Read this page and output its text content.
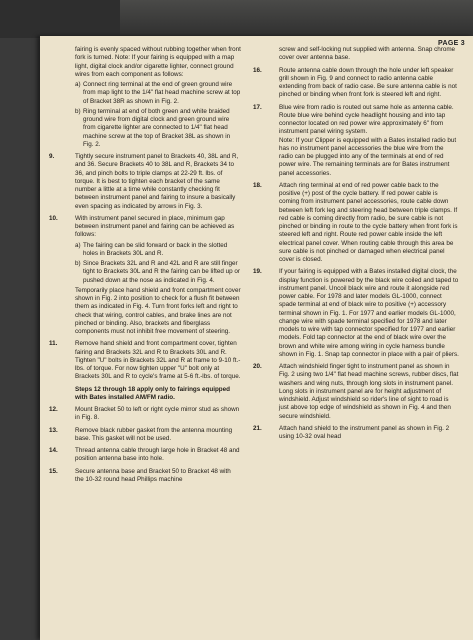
PAGE 3
fairing is evenly spaced without rubbing together when front fork is turned. Note: If your fairing is equipped with a map light, digital clock and/or cigarette lighter, connect ground wires from each component as follows:
a) Connect ring terminal at the end of green ground wire from map light to the 1/4" flat head machine screw at top of Bracket 38R as shown in Fig. 2.
b) Ring terminal at end of both green and white braided ground wire from digital clock and green ground wire from cigarette lighter are connected to 1/4" flat head machine screw at the top of Bracket 38L as shown in Fig. 2.
9.	Tightly secure instrument panel to Brackets 40, 38L and R, and 36. Secure Brackets 40 to 38L and R, Brackets 34 to 36, and pinch bolts to triple clamps at 22-29 ft. lbs. of torque. It is best to tighten each bracket of the same number a little at a time while constantly checking fit between instrument panel and fairing to insure a basically even spacing as indicated by arrows in Fig. 3.
10.	With instrument panel secured in place, minimum gap between instrument panel and fairing can be achieved as follows:
a) The fairing can be slid forward or back in the slotted holes in Brackets 30L and R.
b) Since Brackets 32L and R and 42L and R are still finger tight to Brackets 30L and R the fairing can be lifted up or pushed down at the nose as indicated in Fig. 4.
Temporarily place hand shield and front compartment cover shown in Fig. 2 into position to check for a flush fit between them as indicated in Fig. 4. Turn front forks left and right to check that wiring, control cables, and brake lines are not pinched or binding. Also, brackets and fiberglass components must not inhibit free movement of steering.
11.	Remove hand shield and front compartment cover, tighten fairing and Brackets 32L and R to Brackets 30L and R. Tighten "U" bolts in Brackets 32L and R at frame to 9-10 ft.-lbs. of torque. For now tighten upper "U" bolt only at Brackets 30L and R to cycle's frame at 5-6 ft.-lbs. of torque.
Steps 12 through 18 apply only to fairings equipped with Bates installed AM/FM radio.
12.	Mount Bracket 50 to left or right cycle mirror stud as shown in Fig. 8.
13.	Remove black rubber gasket from the antenna mounting base. This gasket will not be used.
14.	Thread antenna cable through large hole in Bracket 48 and position antenna base into hole.
15.	Secure antenna base and Bracket 50 to Bracket 48 with the 10-32 round head Phillips machine
screw and self-locking nut supplied with antenna. Snap chrome cover over antenna base.
16.	Route antenna cable down through the hole under left speaker grill shown in Fig. 9 and connect to radio antenna cable extending from back of radio case. Be sure antenna cable is not pinched or binding when front fork is steered left and right.
17.	Blue wire from radio is routed out same hole as antenna cable. Route blue wire behind cycle headlight housing and into tap connector located on red power wire approximately 6" from instrument panel wiring system.
Note: If your Clipper is equipped with a Bates installed radio but has no instrument panel accessories the blue wire from the radio can be plugged into any of the terminals at end of red power wire. The remaining terminals are for Bates instrument panel accessories.
18.	Attach ring terminal at end of red power cable back to the positive (+) post of the cycle battery. If red power cable is coming from instrument panel accessories, route cable down between left fork leg and steering head between triple clamps. If red cable is coming directly from radio, be sure cable is not pinched or binding in route to the cycle battery when front fork is steered left and right. Route red power cable inside the left electrical panel cover. When routing cable through this area be sure cable is not pinched or damaged when electrical panel cover is closed.
19.	If your fairing is equipped with a Bates installed digital clock, the display function is powered by the black wire coiled and taped to instrument panel. Uncoil black wire and route it alongside red power cable. For 1978 and later models GL-1000, connect spade terminal at end of black wire to positive (+) accessory terminal shown in Fig. 1. For 1977 and earlier models GL-1000, change wire with spade terminal specified for 1978 and later models to wire with tap connector specified for 1977 and earlier models. Fold tap connector at the end of black wire over the brown and white wire among wiring in cycle harness bundle shown in Fig. 1. Snap tap connector in place with a pair of pliers.
20.	Attach windshield finger tight to instrument panel as shown in Fig. 2 using two 1/4" flat head machine screws, rubber discs, flat washers and wing nuts, through long slots in instrument panel. Long slots in instrument panel are for height adjustment of windshield. Adjust windshield so rider's line of sight to road is just above top edge of windshield as shown in Fig. 4 and then secure windshield.
21.	Attach hand shield to the instrument panel as shown in Fig. 2 using 10-32 oval head
